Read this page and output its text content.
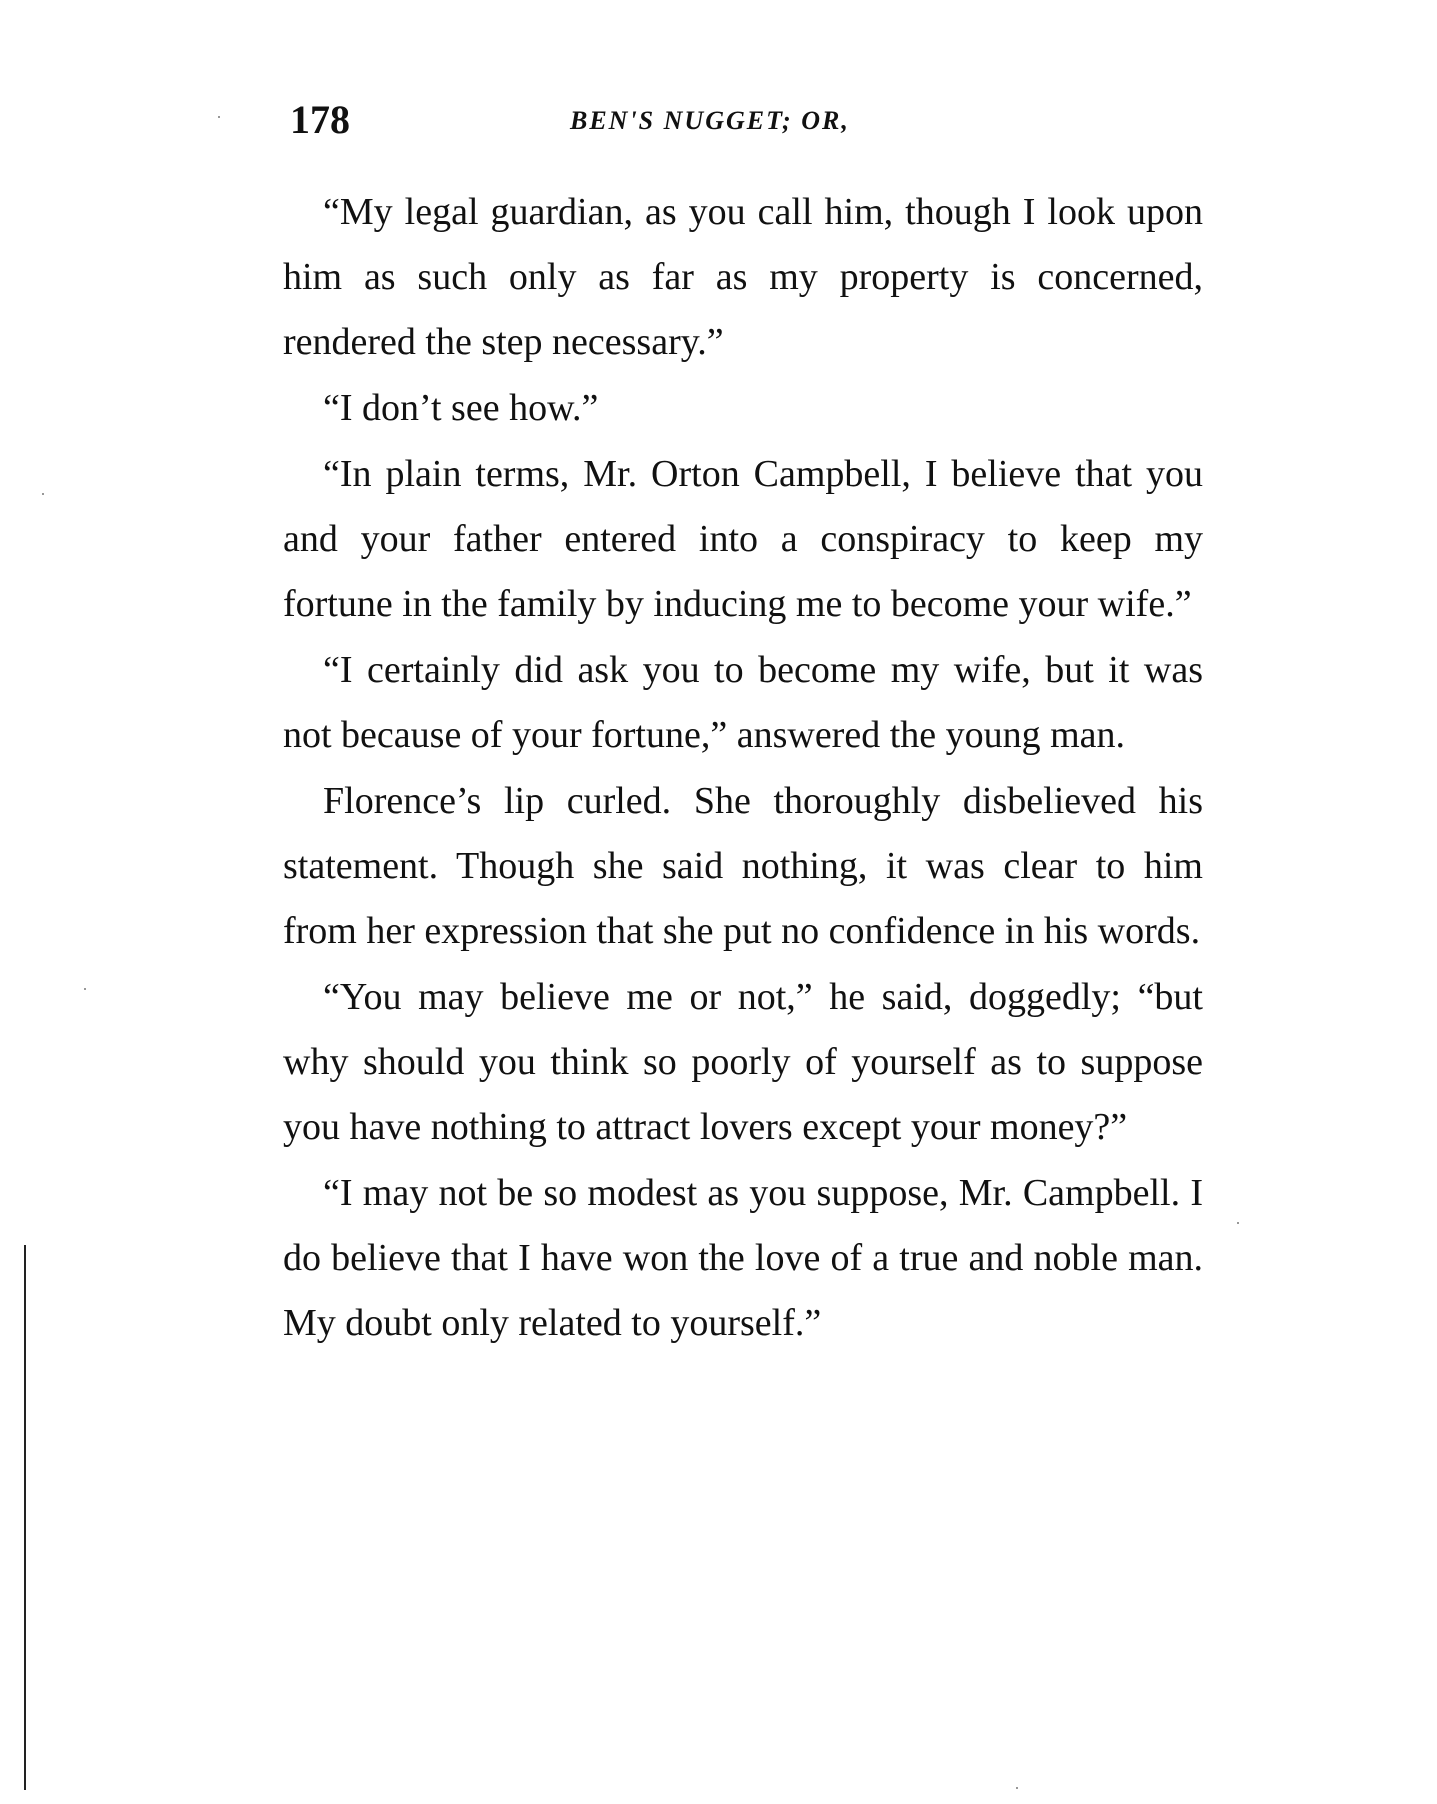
178	BEN'S NUGGET; OR,

“My legal guardian, as you call him, though I look upon him as such only as far as my property is concerned, rendered the step necessary.”

“I don’t see how.”

“In plain terms, Mr. Orton Campbell, I believe that you and your father entered into a conspiracy to keep my fortune in the family by inducing me to become your wife.”

“I certainly did ask you to become my wife, but it was not because of your fortune,” answered the young man.

Florence’s lip curled. She thoroughly disbelieved his statement. Though she said nothing, it was clear to him from her expression that she put no confidence in his words.

“You may believe me or not,” he said, doggedly; “but why should you think so poorly of yourself as to suppose you have nothing to attract lovers except your money?”

“I may not be so modest as you suppose, Mr. Campbell. I do believe that I have won the love of a true and noble man. My doubt only related to yourself.”
